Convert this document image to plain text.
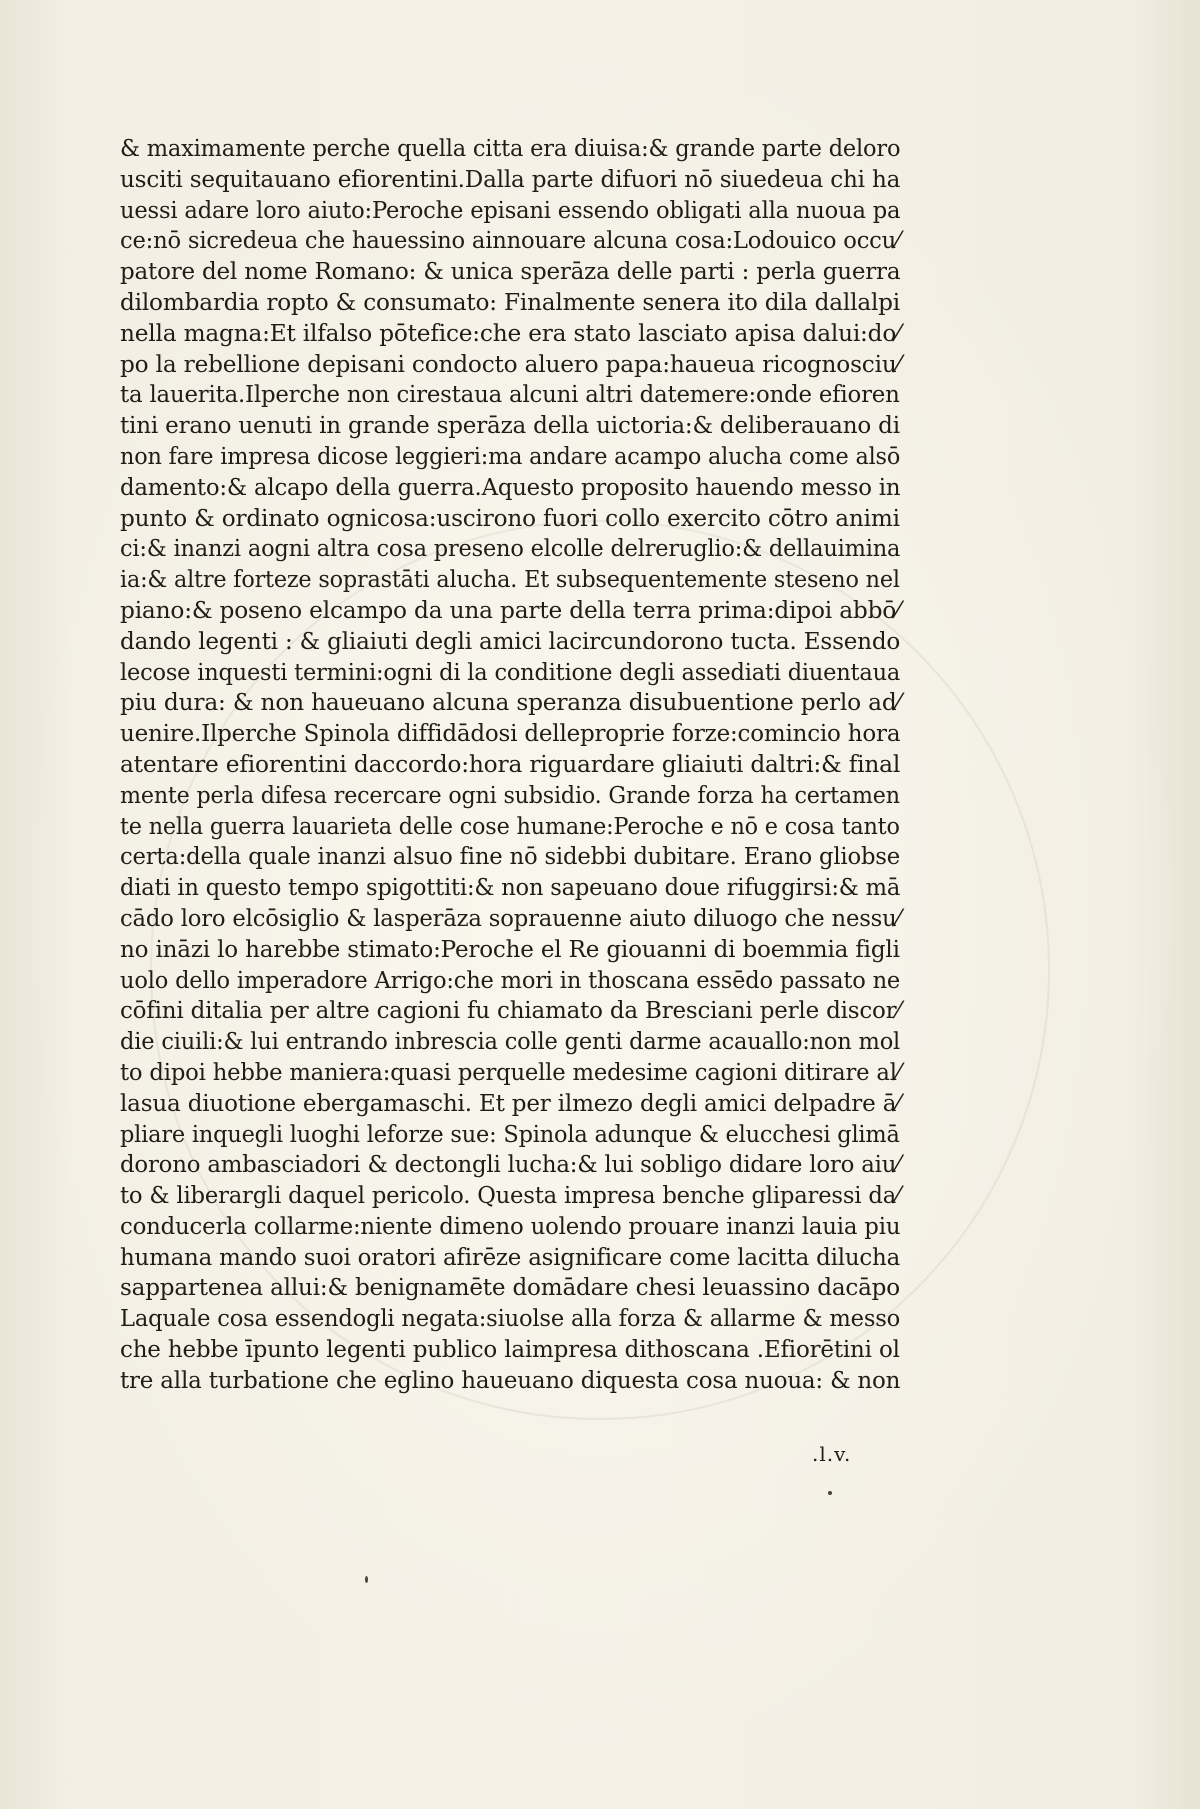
& maximamente perche quella citta era diuisa:& grande parte deloro
usciti sequitauano efiorentini.Dalla parte difuori nō siuedeua chi ha
uessi adare loro aiuto:Peroche episani essendo obligati alla nuoua pa
ce:nō sicredeua che hauessino ainnouare alcuna cosa:Lodouico occu⁄
patore del nome Romano: & unica sperāza delle parti : perla guerra
dilombardia ropto & consumato: Finalmente senera ito dila dallalpi
nella magna:Et ilfalso pōtefice:che era stato lasciato apisa dalui:do⁄
po la rebellione depisani condocto aluero papa:haueua ricognosciu⁄
ta lauerita.Ilperche non cirestaua alcuni altri datemere:onde efioren
tini erano uenuti in grande sperāza della uictoria:& deliberauano di
non fare impresa dicose leggieri:ma andare acampo alucha come alsō
damento:& alcapo della guerra.Aquesto proposito hauendo messo in
punto & ordinato ognicosa:uscirono fuori collo exercito cōtro animi
ci:& inanzi aogni altra cosa preseno elcolle delreruglio:& dellauimina
ia:& altre forteze soprastāti alucha. Et subsequentemente steseno nel
piano:& poseno elcampo da una parte della terra prima:dipoi abbō⁄
dando legenti : & gliaiuti degli amici lacircundorono tucta. Essendo
lecose inquesti termini:ogni di la conditione degli assediati diuentaua
piu dura: & non haueuano alcuna speranza disubuentione perlo ad⁄
uenire.Ilperche Spinola diffidādosi delleproprie forze:comincio hora
atentare efiorentini daccordo:hora riguardare gliaiuti daltri:& final
mente perla difesa recercare ogni subsidio. Grande forza ha certamen
te nella guerra lauarieta delle cose humane:Peroche e nō e cosa tanto
certa:della quale inanzi alsuo fine nō sidebbi dubitare. Erano gliobse
diati in questo tempo spigottiti:& non sapeuano doue rifuggirsi:& mā
cādo loro elcōsiglio & lasperāza soprauenne aiuto diluogo che nessu⁄
no ināzi lo harebbe stimato:Peroche el Re giouanni di boemmia figli
uolo dello imperadore Arrigo:che mori in thoscana essēdo passato ne
cōfini ditalia per altre cagioni fu chiamato da Bresciani perle discor⁄
die ciuili:& lui entrando inbrescia colle genti darme acauallo:non mol
to dipoi hebbe maniera:quasi perquelle medesime cagioni ditirare al⁄
lasua diuotione ebergamaschi. Et per ilmezo degli amici delpadre ā⁄
pliare inquegli luoghi leforze sue: Spinola adunque & elucchesi glimā
dorono ambasciadori & dectongli lucha:& lui sobligo didare loro aiu⁄
to & liberargli daquel pericolo. Questa impresa benche gliparessi da⁄
conducerla collarme:niente dimeno uolendo prouare inanzi lauia piu
humana mando suoi oratori afirēze asignificare come lacitta dilucha
sappartenea allui:& benignamēte domādare chesi leuassino dacāpo
Laquale cosa essendogli negata:siuolse alla forza & allarme & messo
che hebbe īpunto legenti publico laimpresa dithoscana .Efiorētini ol
tre alla turbatione che eglino haueuano diquesta cosa nuoua: & non
.l.v.
